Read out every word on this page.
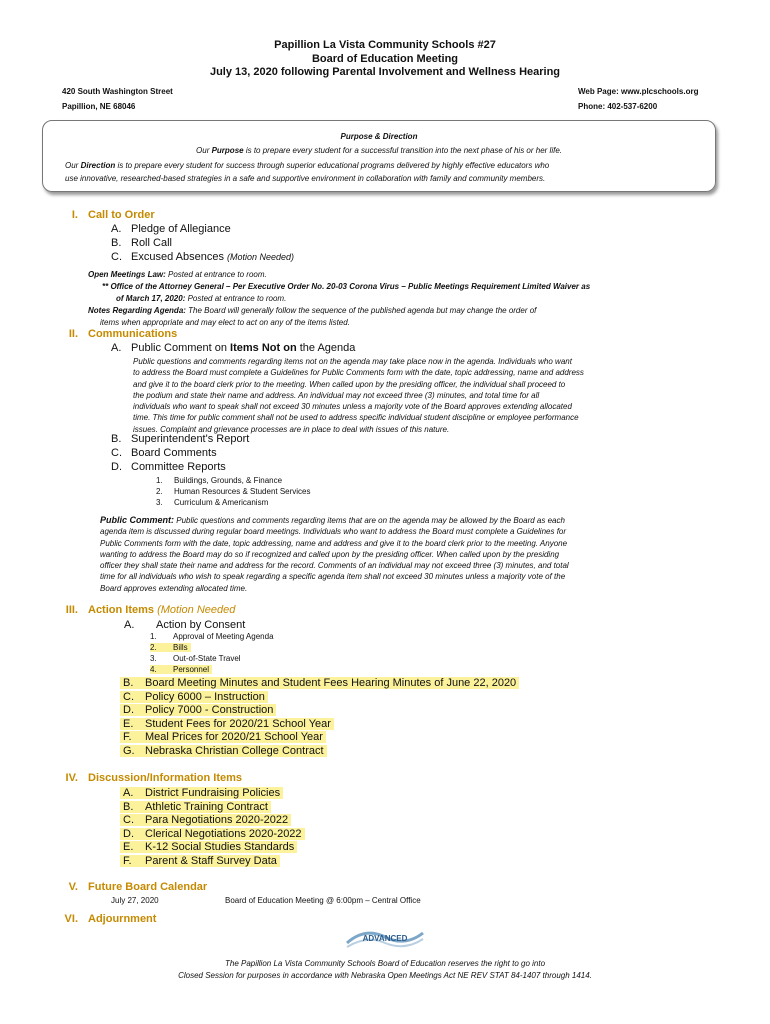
Papillion La Vista Community Schools #27
Board of Education Meeting
July 13, 2020 following Parental Involvement and Wellness Hearing
420 South Washington Street
Papillion, NE 68046
Web Page: www.plcschools.org
Phone: 402-537-6200
Purpose & Direction
Our Purpose is to prepare every student for a successful transition into the next phase of his or her life.
Our Direction is to prepare every student for success through superior educational programs delivered by highly effective educators who
use innovative, researched-based strategies in a safe and supportive environment in collaboration with family and community members.
I. Call to Order
A. Pledge of Allegiance
B. Roll Call
C. Excused Absences (Motion Needed)
Open Meetings Law: Posted at entrance to room.
** Office of the Attorney General – Per Executive Order No. 20-03 Corona Virus – Public Meetings Requirement Limited Waiver as
of March 17, 2020: Posted at entrance to room.
Notes Regarding Agenda: The Board will generally follow the sequence of the published agenda but may change the order of
items when appropriate and may elect to act on any of the items listed.
II. Communications
A. Public Comment on Items Not on the Agenda
Public questions and comments regarding items not on the agenda may take place now in the agenda. Individuals who want
to address the Board must complete a Guidelines for Public Comments form with the date, topic addressing, name and address
and give it to the board clerk prior to the meeting. When called upon by the presiding officer, the individual shall proceed to
the podium and state their name and address. An individual may not exceed three (3) minutes, and total time for all
individuals who want to speak shall not exceed 30 minutes unless a majority vote of the Board approves extending allocated
time. This time for public comment shall not be used to address specific individual student discipline or employee performance
issues. Complaint and grievance processes are in place to deal with issues of this nature.
B. Superintendent's Report
C. Board Comments
D. Committee Reports
1. Buildings, Grounds, & Finance
2. Human Resources & Student Services
3. Curriculum & Americanism
Public Comment: Public questions and comments regarding items that are on the agenda may be allowed by the Board as each
agenda item is discussed during regular board meetings. Individuals who want to address the Board must complete a Guidelines for
Public Comments form with the date, topic addressing, name and address and give it to the board clerk prior to the meeting. Anyone
wanting to address the Board may do so if recognized and called upon by the presiding officer. When called upon by the presiding
officer they shall state their name and address for the record. Comments of an individual may not exceed three (3) minutes, and total
time for all individuals who wish to speak regarding a specific agenda item shall not exceed 30 minutes unless a majority vote of the
Board approves extending allocated time.
III. Action Items (Motion Needed
A. Action by Consent
1. Approval of Meeting Agenda
2. Bills
3. Out-of-State Travel
4. Personnel
B. Board Meeting Minutes and Student Fees Hearing Minutes of June 22, 2020
C. Policy 6000 – Instruction
D. Policy 7000 - Construction
E. Student Fees for 2020/21 School Year
F. Meal Prices for 2020/21 School Year
G. Nebraska Christian College Contract
IV. Discussion/Information Items
A. District Fundraising Policies
B. Athletic Training Contract
C. Para Negotiations 2020-2022
D. Clerical Negotiations 2020-2022
E. K-12 Social Studies Standards
F. Parent & Staff Survey Data
V. Future Board Calendar
July 27, 2020	Board of Education Meeting @ 6:00pm – Central Office
VI. Adjournment
ADVANCED
The Papillion La Vista Community Schools Board of Education reserves the right to go into
Closed Session for purposes in accordance with Nebraska Open Meetings Act NE REV STAT 84-1407 through 1414.
